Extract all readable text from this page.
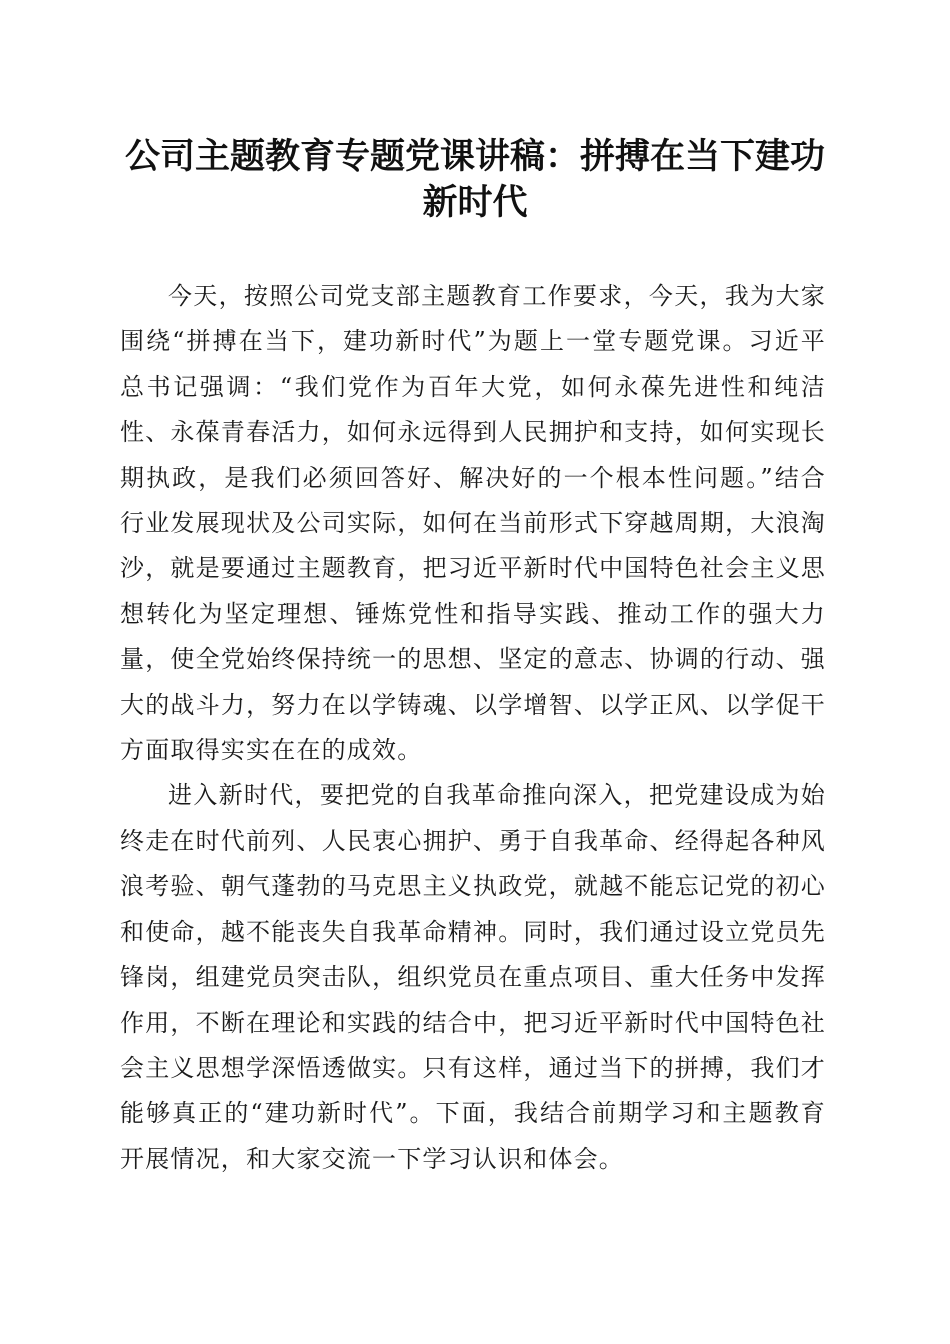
公司主题教育专题党课讲稿：拼搏在当下建功新时代

今天，按照公司党支部主题教育工作要求，今天，我为大家围绕“拼搏在当下，建功新时代”为题上一堂专题党课。习近平总书记强调：“我们党作为百年大党，如何永葆先进性和纯洁性、永葆青春活力，如何永远得到人民拥护和支持，如何实现长期执政，是我们必须回答好、解决好的一个根本性问题。”结合行业发展现状及公司实际，如何在当前形式下穿越周期，大浪淘沙，就是要通过主题教育，把习近平新时代中国特色社会主义思想转化为坚定理想、锤炼党性和指导实践、推动工作的强大力量，使全党始终保持统一的思想、坚定的意志、协调的行动、强大的战斗力，努力在以学铸魂、以学增智、以学正风、以学促干方面取得实实在在的成效。

进入新时代，要把党的自我革命推向深入，把党建设成为始终走在时代前列、人民衷心拥护、勇于自我革命、经得起各种风浪考验、朝气蓬勃的马克思主义执政党，就越不能忘记党的初心和使命，越不能丧失自我革命精神。同时，我们通过设立党员先锋岗，组建党员突击队，组织党员在重点项目、重大任务中发挥作用，不断在理论和实践的结合中，把习近平新时代中国特色社会主义思想学深悟透做实。只有这样，通过当下的拼搏，我们才能够真正的“建功新时代”。下面，我结合前期学习和主题教育开展情况，和大家交流一下学习认识和体会。
